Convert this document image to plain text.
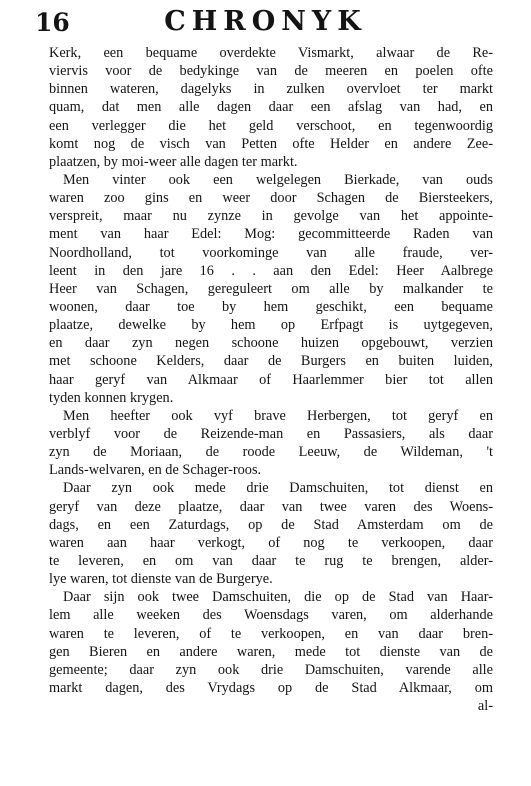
16	CHRONYK
Kerk, een bequame overdekte Vismarkt, alwaar de Re-
viervis voor de bedykinge van de meeren en poelen ofte
binnen wateren, dagelyks in zulken overvloet ter markt
quam, dat men alle dagen daar een afslag van had, en
een verlegger die het geld verschoot, en tegenwoordig
komt nog de visch van Petten ofte Helder en andere Zee-
plaatzen, by moi-weer alle dagen ter markt.
Men vinter ook een welgelegen Bierkade, van ouds
waren zoo gins en weer door Schagen de Biersteekers,
verspreit, maar nu zynze in gevolge van het appointe-
ment van haar Edel: Mog: gecommitteerde Raden van
Noordholland, tot voorkominge van alle fraude, ver-
leent in den jare 16 . . aan den Edel: Heer Aalbrege
Heer van Schagen, gereguleert om alle by malkander te
woonen, daar toe by hem geschikt, een bequame
plaatze, dewelke by hem op Erfpagt is uytgegeven,
en daar zyn negen schoone huizen opgebouwt, verzien
met schoone Kelders, daar de Burgers en buiten luiden,
haar geryf van Alkmaar of Haarlemmer bier tot allen
tyden konnen krygen.
Men heefter ook vyf brave Herbergen, tot geryf en
verblyf voor de Reizende-man en Passasiers, als daar
zyn de Moriaan, de roode Leeuw, de Wildeman, 't
Lands-welvaren, en de Schager-roos.
Daar zyn ook mede drie Damschuiten, tot dienst en
geryf van deze plaatze, daar van twee varen des Woens-
dags, en een Zaturdags, op de Stad Amsterdam om de
waren aan haar verkogt, of nog te verkoopen, daar
te leveren, en om van daar te rug te brengen, alder-
lye waren, tot dienste van de Burgerye.
Daar sijn ook twee Damschuiten, die op de Stad van Haar-
lem alle weeken des Woensdags varen, om alderhande
waren te leveren, of te verkoopen, en van daar bren-
gen Bieren en andere waren, mede tot dienste van de
gemeente; daar zyn ook drie Damschuiten, varende alle
markt dagen, des Vrydags op de Stad Alkmaar, om
al-
